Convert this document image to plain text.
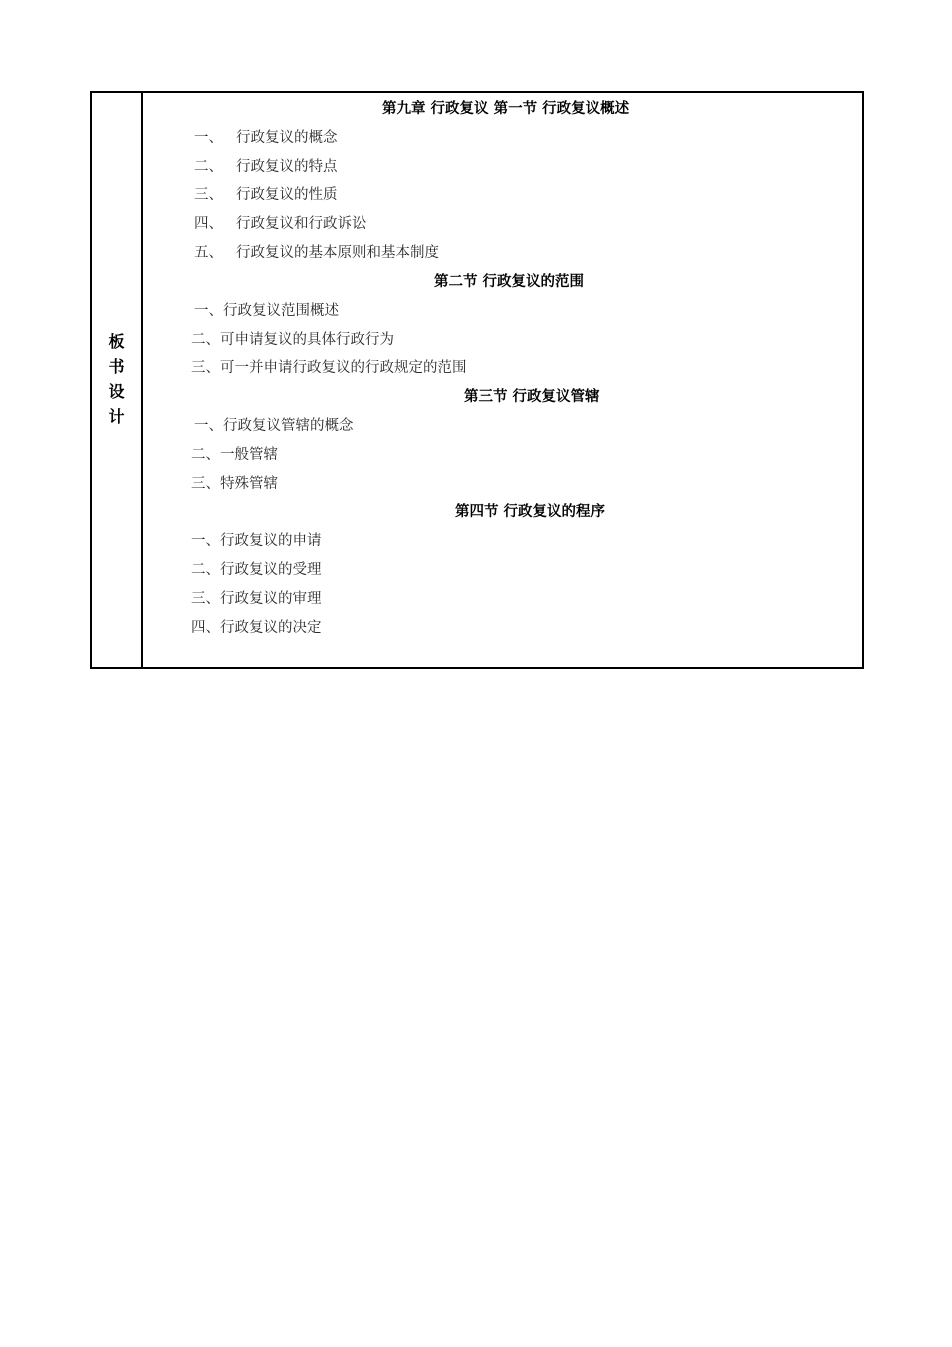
板
书
设
计
第九章 行政复议 第一节 行政复议概述
一、 行政复议的概念
二、 行政复议的特点
三、 行政复议的性质
四、 行政复议和行政诉讼
五、 行政复议的基本原则和基本制度
第二节 行政复议的范围
一、行政复议范围概述
二、可申请复议的具体行政行为
三、可一并申请行政复议的行政规定的范围
第三节 行政复议管辖
一、行政复议管辖的概念
二、一般管辖
三、特殊管辖
第四节 行政复议的程序
一、行政复议的申请
二、行政复议的受理
三、行政复议的审理
四、行政复议的决定
